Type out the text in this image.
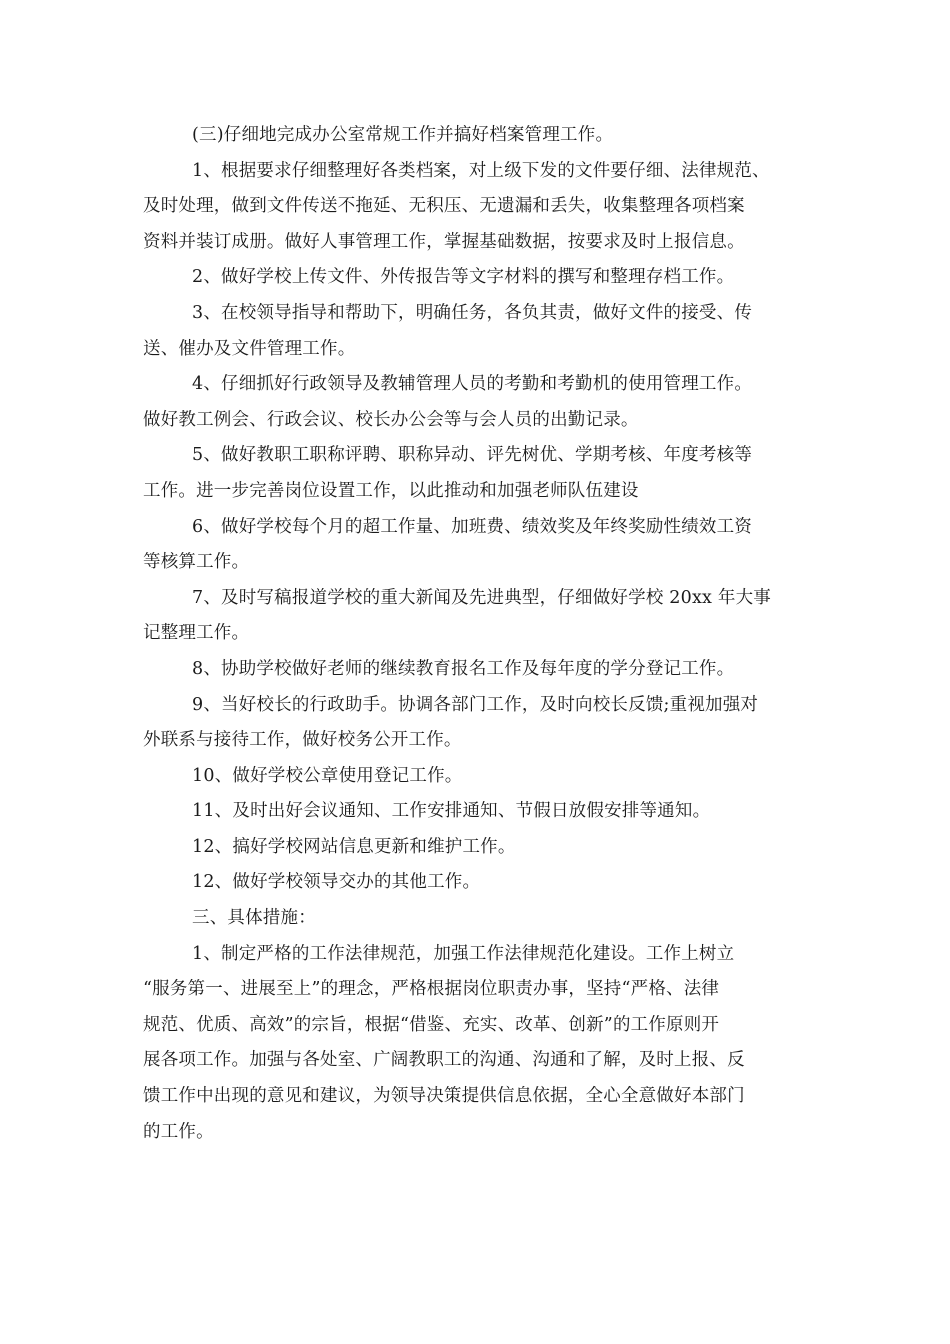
(三)仔细地完成办公室常规工作并搞好档案管理工作。
1、根据要求仔细整理好各类档案，对上级下发的文件要仔细、法律规范、
及时处理，做到文件传送不拖延、无积压、无遗漏和丢失，收集整理各项档案
资料并装订成册。做好人事管理工作，掌握基础数据，按要求及时上报信息。
2、做好学校上传文件、外传报告等文字材料的撰写和整理存档工作。
3、在校领导指导和帮助下，明确任务，各负其责，做好文件的接受、传
送、催办及文件管理工作。
4、仔细抓好行政领导及教辅管理人员的考勤和考勤机的使用管理工作。
做好教工例会、行政会议、校长办公会等与会人员的出勤记录。
5、做好教职工职称评聘、职称异动、评先树优、学期考核、年度考核等
工作。进一步完善岗位设置工作，以此推动和加强老师队伍建设
6、做好学校每个月的超工作量、加班费、绩效奖及年终奖励性绩效工资
等核算工作。
7、及时写稿报道学校的重大新闻及先进典型，仔细做好学校 20xx 年大事
记整理工作。
8、协助学校做好老师的继续教育报名工作及每年度的学分登记工作。
9、当好校长的行政助手。协调各部门工作，及时向校长反馈;重视加强对
外联系与接待工作，做好校务公开工作。
10、做好学校公章使用登记工作。
11、及时出好会议通知、工作安排通知、节假日放假安排等通知。
12、搞好学校网站信息更新和维护工作。
12、做好学校领导交办的其他工作。
三、具体措施：
1、制定严格的工作法律规范，加强工作法律规范化建设。工作上树立
“服务第一、进展至上”的理念，严格根据岗位职责办事，坚持“严格、法律
规范、优质、高效”的宗旨，根据“借鉴、充实、改革、创新”的工作原则开
展各项工作。加强与各处室、广阔教职工的沟通、沟通和了解，及时上报、反
馈工作中出现的意见和建议，为领导决策提供信息依据，全心全意做好本部门
的工作。
